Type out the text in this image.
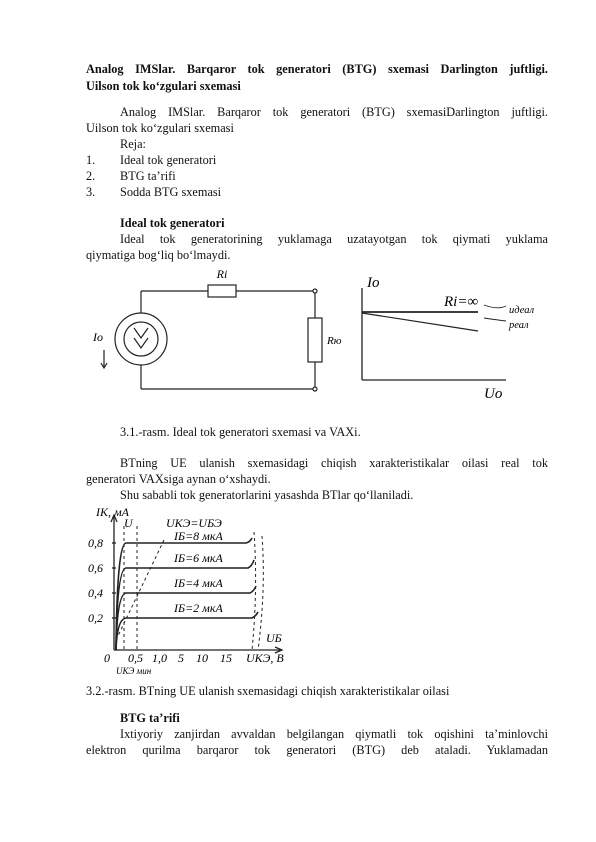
Analog IMSlar. Barqaror tok generatori (BTG) sxemasi Darlington juftligi.
Uilson tok ko‘zgulari sxemasi
Analog IMSlar. Barqaror tok generatori (BTG) sxemasiDarlington juftligi.
Uilson tok ko‘zgulari sxemasi
Reja:
1. Ideal tok generatori
2. BTG ta’rifi
3. Sodda BTG sxemasi
Ideal tok generatori
Ideal tok generatorining yuklamaga uzatayotgan tok qiymati yuklama
qiymatiga bog‘liq bo‘lmaydi.
Ri
Io	Rю
Io
Uo
Ri=∞
идеал
реал
3.1.-rasm. Ideal tok generatori sxemasi va VAXi.
BTning UE ulanish sxemasidagi chiqish xarakteristikalar oilasi real tok
generatori VAXsiga aynan o‘xshaydi.
Shu sababli tok generatorlarini yasashda BTlar qo‘llaniladi.
IK, мА
U	UКЭ=UБЭ
0,8
0,6
0,4
0,2
IБ=8 мкА
IБ=6 мкА
IБ=4 мкА
IБ=2 мкА
0 0,5 1,0 5 10 15 UКЭ, В
UБ
UКЭ мин
3.2.-rasm. BTning UE ulanish sxemasidagi chiqish xarakteristikalar oilasi
BTG ta’rifi
Ixtiyoriy zanjirdan avvaldan belgilangan qiymatli tok oqishini ta’minlovchi
elektron qurilma barqaror tok generatori (BTG) deb ataladi. Yuklamadan
